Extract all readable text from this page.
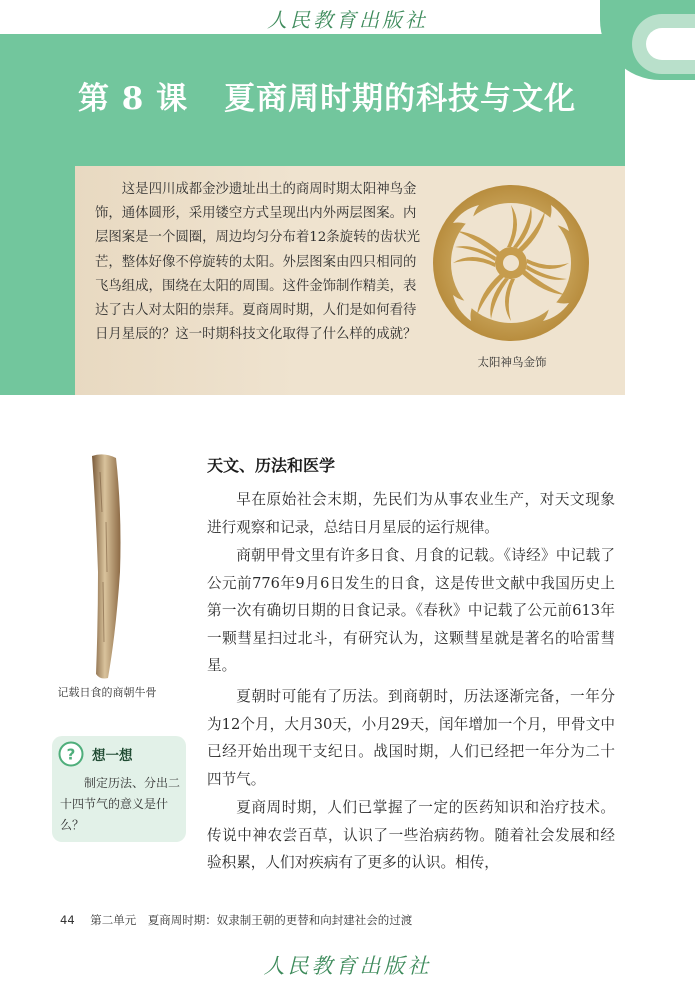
人民教育出版社
第 8 课 夏商周时期的科技与文化

这是四川成都金沙遗址出土的商周时期太阳神鸟金饰，通体圆形，采用镂空方式呈现出内外两层图案。内层图案是一个圆圈，周边均匀分布着12条旋转的齿状光芒，整体好像不停旋转的太阳。外层图案由四只相同的飞鸟组成，围绕在太阳的周围。这件金饰制作精美，表达了古人对太阳的崇拜。夏商周时期，人们是如何看待日月星辰的？这一时期科技文化取得了什么样的成就？

太阳神鸟金饰
记载日食的商朝牛骨
? 想一想

制定历法、分出二十四节气的意义是什么？

天文、历法和医学

早在原始社会末期，先民们为从事农业生产，对天文现象进行观察和记录，总结日月星辰的运行规律。

商朝甲骨文里有许多日食、月食的记载。《诗经》中记载了公元前776年9月6日发生的日食，这是传世文献中我国历史上第一次有确切日期的日食记录。《春秋》中记载了公元前613年一颗彗星扫过北斗，有研究认为，这颗彗星就是著名的哈雷彗星。

夏朝时可能有了历法。到商朝时，历法逐渐完备，一年分为12个月，大月30天，小月29天，闰年增加一个月，甲骨文中已经开始出现干支纪日。战国时期，人们已经把一年分为二十四节气。

夏商周时期，人们已掌握了一定的医药知识和治疗技术。传说中神农尝百草，认识了一些治病药物。随着社会发展和经验积累，人们对疾病有了更多的认识。相传，

44 第二单元　夏商周时期：奴隶制王朝的更替和向封建社会的过渡
人民教育出版社
